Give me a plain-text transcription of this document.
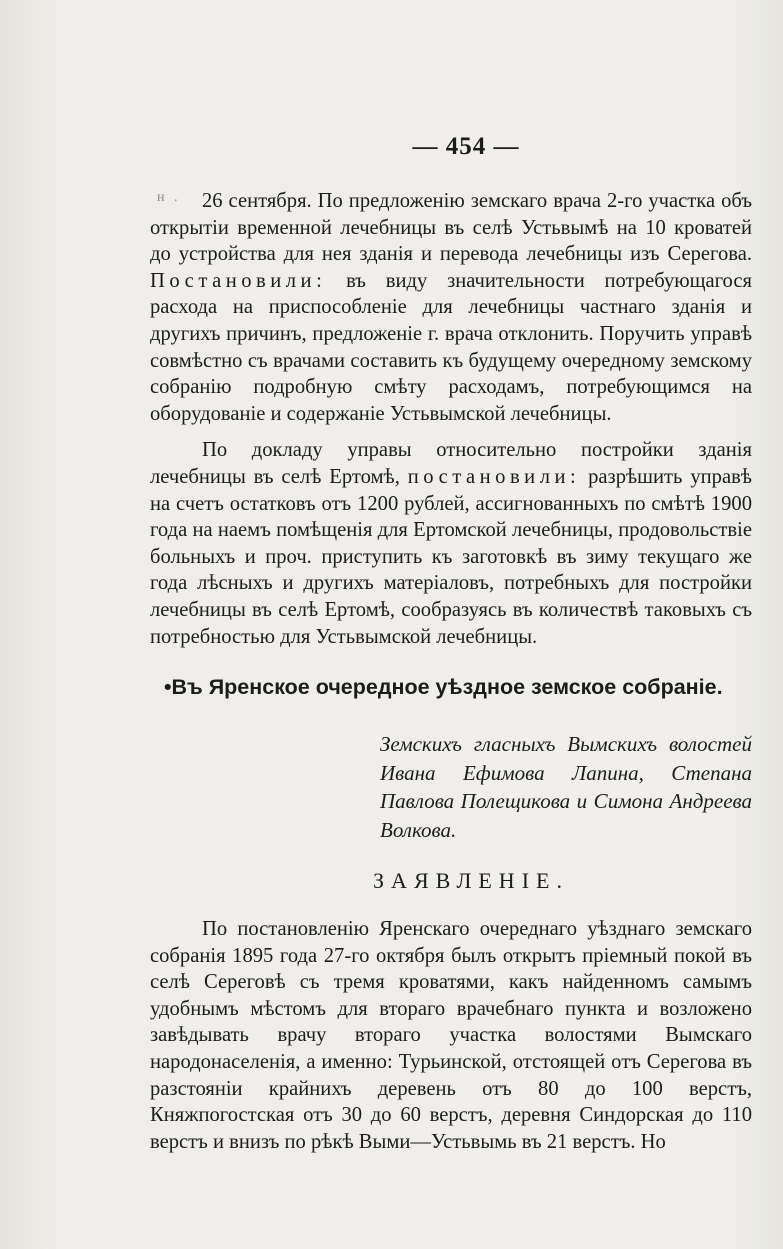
н .
— 454 —

26 сентября. По предложенію земскаго врача 2-го участка объ открытіи временной лечебницы въ селѣ Устьвымѣ на 10 кроватей до устройства для нея зданія и перевода лечебницы изъ Серегова. Постановили: въ виду значительности потребующагося расхода на приспособленіе для лечебницы частнаго зданія и другихъ причинъ, предложеніе г. врача отклонить. Поручить управѣ совмѣстно съ врачами составить къ будущему очередному земскому собранію подробную смѣту расходамъ, потребующимся на оборудованіе и содержаніе Устьвымской лечебницы.

По докладу управы относительно постройки зданія лечебницы въ селѣ Ертомѣ, постановили: разрѣшить управѣ на счетъ остатковъ отъ 1200 рублей, ассигнованныхъ по смѣтѣ 1900 года на наемъ помѣщенія для Ертомской лечебницы, продовольствіе больныхъ и проч. приступить къ заготовкѣ въ зиму текущаго же года лѣсныхъ и другихъ матеріаловъ, потребныхъ для постройки лечебницы въ селѣ Ертомѣ, сообразуясь въ количествѣ таковыхъ съ потребностью для Устьвымской лечебницы.

•Въ Яренское очередное уѣздное земское собраніе.
Земскихъ гласныхъ Вымскихъ волостей Ивана Ефимова Лапина, Степана Павлова Полещикова и Симона Андреева Волкова.
ЗАЯВЛЕНІЕ.

По постановленію Яренскаго очереднаго уѣзднаго земскаго собранія 1895 года 27-го октября былъ открытъ пріемный покой въ селѣ Сереговѣ съ тремя кроватями, какъ найденномъ самымъ удобнымъ мѣстомъ для втораго врачебнаго пункта и возложено завѣдывать врачу втораго участка волостями Вымскаго народонаселенія, а именно: Турьинской, отстоящей отъ Серегова въ разстояніи крайнихъ деревень отъ 80 до 100 верстъ, Княжпогостская отъ 30 до 60 верстъ, деревня Синдорская до 110 верстъ и внизъ по рѣкѣ Выми—Устьвымь въ 21 верстъ. Но
